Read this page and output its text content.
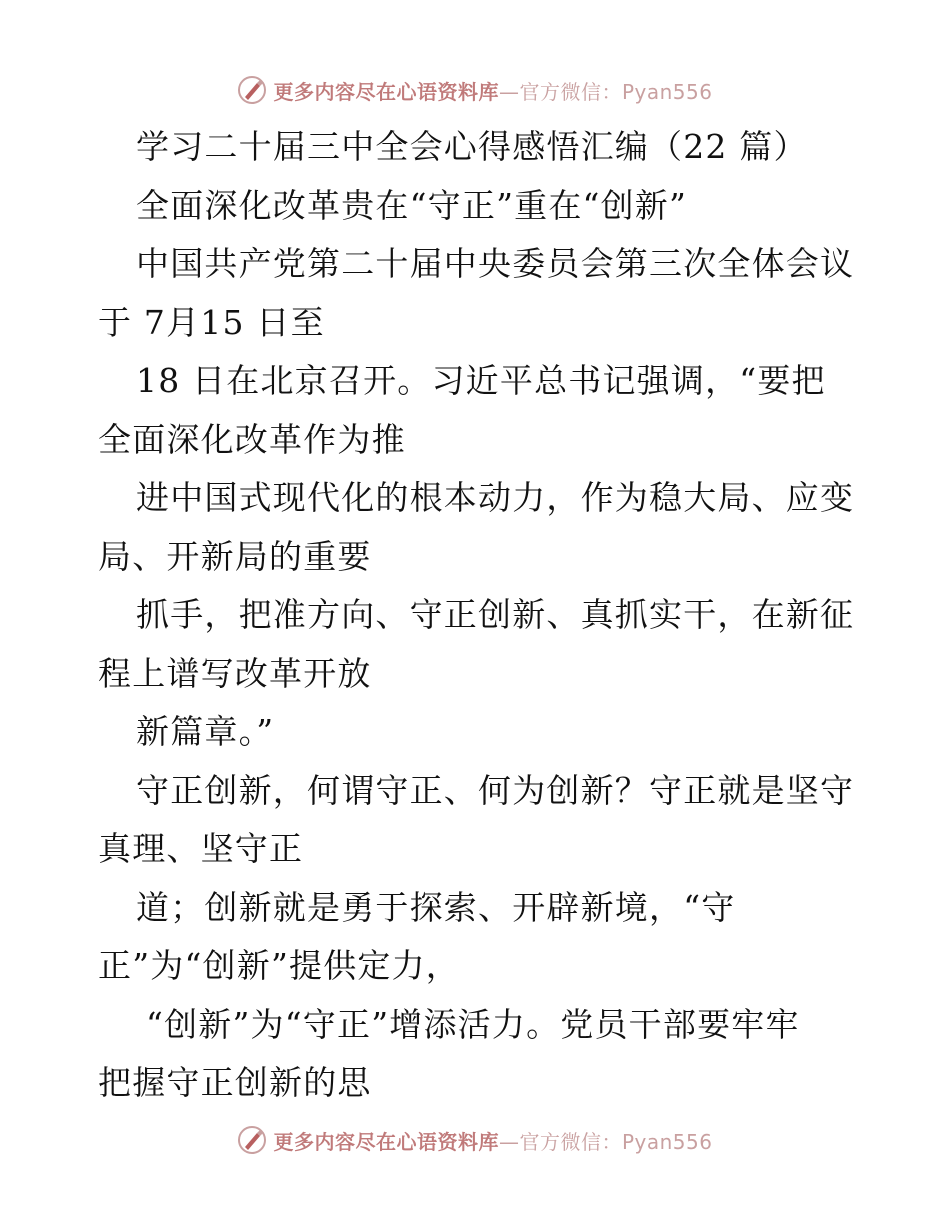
更多内容尽在心语资料库—官方微信：Pyan556
学习二十届三中全会心得感悟汇编（22 篇）
全面深化改革贵在“守正”重在“创新”
中国共产党第二十届中央委员会第三次全体会议
于 7月15 日至
18 日在北京召开。习近平总书记强调，“要把
全面深化改革作为推
进中国式现代化的根本动力，作为稳大局、应变
局、开新局的重要
抓手，把准方向、守正创新、真抓实干，在新征
程上谱写改革开放
新篇章。”
守正创新，何谓守正、何为创新？守正就是坚守
真理、坚守正
道；创新就是勇于探索、开辟新境，“守
正”为“创新”提供定力，
“创新”为“守正”增添活力。党员干部要牢牢
把握守正创新的思
更多内容尽在心语资料库—官方微信：Pyan556
